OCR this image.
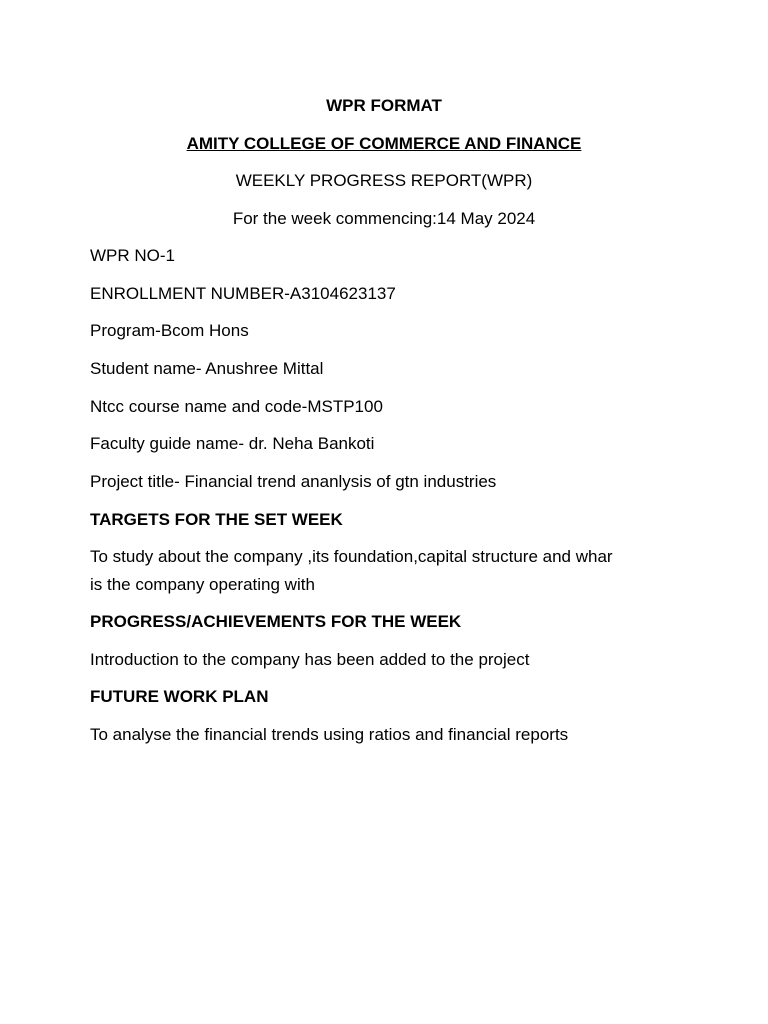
WPR FORMAT
AMITY COLLEGE OF COMMERCE AND FINANCE
WEEKLY PROGRESS REPORT(WPR)
For the week commencing:14 May 2024
WPR NO-1
ENROLLMENT NUMBER-A3104623137
Program-Bcom Hons
Student name- Anushree Mittal
Ntcc course name and code-MSTP100
Faculty guide name- dr. Neha Bankoti
Project title- Financial trend ananlysis of gtn industries
TARGETS FOR THE SET WEEK
To study about the company ,its foundation,capital structure and whar
is the company operating with
PROGRESS/ACHIEVEMENTS FOR THE WEEK
Introduction to the company has been added to the project
FUTURE WORK PLAN
To analyse the financial trends using ratios and financial reports
